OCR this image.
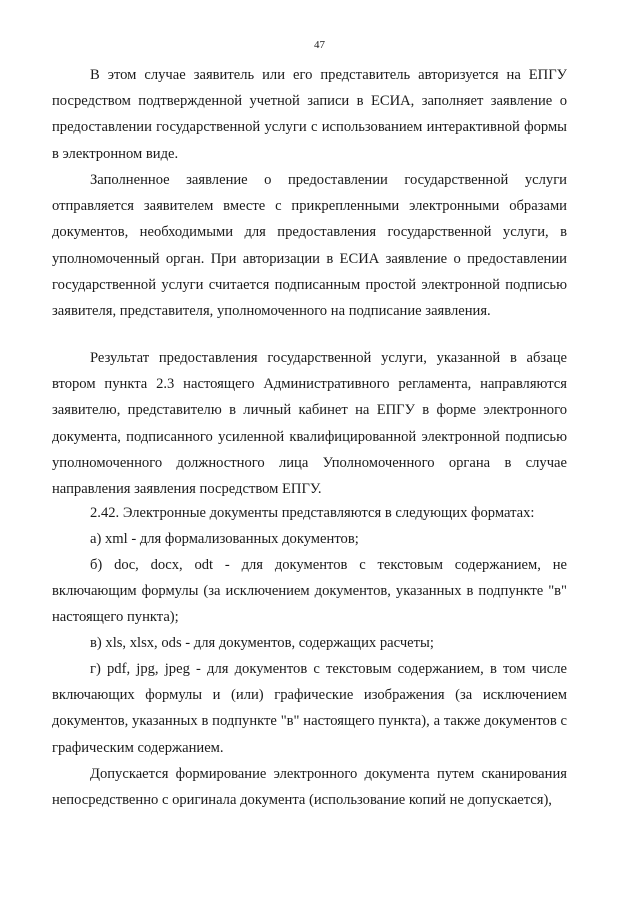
47

В этом случае заявитель или его представитель авторизуется на ЕПГУ посредством подтвержденной учетной записи в ЕСИА, заполняет заявление о предоставлении государственной услуги с использованием интерактивной формы в электронном виде.

Заполненное заявление о предоставлении государственной услуги отправляется заявителем вместе с прикрепленными электронными образами документов, необходимыми для предоставления государственной услуги, в уполномоченный орган. При авторизации в ЕСИА заявление о предоставлении государственной услуги считается подписанным простой электронной подписью заявителя, представителя, уполномоченного на подписание заявления.

Результат предоставления государственной услуги, указанной в абзаце втором пункта 2.3 настоящего Административного регламента, направляются заявителю, представителю в личный кабинет на ЕПГУ в форме электронного документа, подписанного усиленной квалифицированной электронной подписью уполномоченного должностного лица Уполномоченного органа в случае направления заявления посредством ЕПГУ.

2.42. Электронные документы представляются в следующих форматах:

а) xml - для формализованных документов;

б) doc, docx, odt - для документов с текстовым содержанием, не включающим формулы (за исключением документов, указанных в подпункте "в" настоящего пункта);

в) xls, xlsx, ods - для документов, содержащих расчеты;

г) pdf, jpg, jpeg - для документов с текстовым содержанием, в том числе включающих формулы и (или) графические изображения (за исключением документов, указанных в подпункте "в" настоящего пункта), а также документов с графическим содержанием.

Допускается формирование электронного документа путем сканирования непосредственно с оригинала документа (использование копий не допускается),
